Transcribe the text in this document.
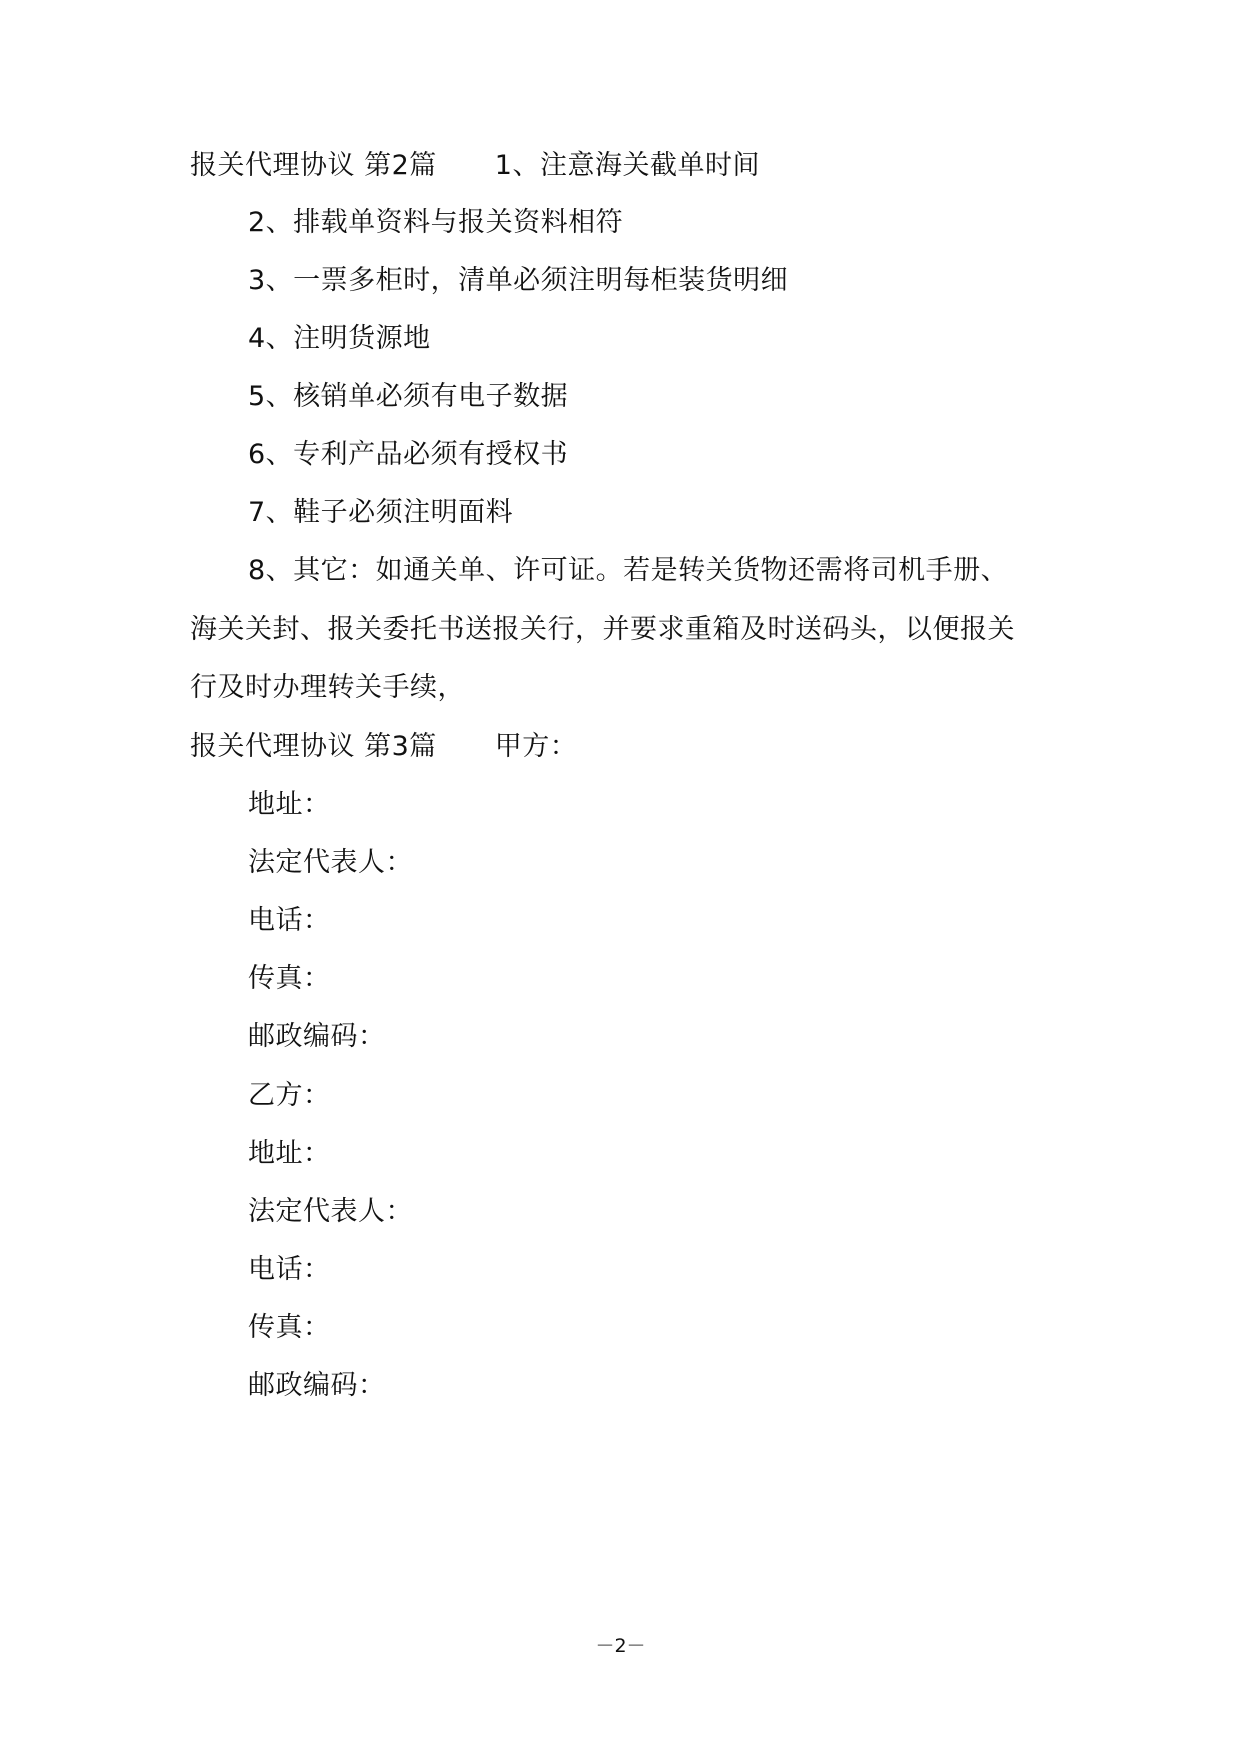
报关代理协议 第2篇 1、注意海关截单时间
2、排载单资料与报关资料相符
3、一票多柜时，清单必须注明每柜装货明细
4、注明货源地
5、核销单必须有电子数据
6、专利产品必须有授权书
7、鞋子必须注明面料
8、其它：如通关单、许可证。若是转关货物还需将司机手册、
海关关封、报关委托书送报关行，并要求重箱及时送码头，以便报关
行及时办理转关手续，
报关代理协议 第3篇 甲方：
地址：
法定代表人：
电话：
传真：
邮政编码：
乙方：
地址：
法定代表人：
电话：
传真：
邮政编码：
－2－
